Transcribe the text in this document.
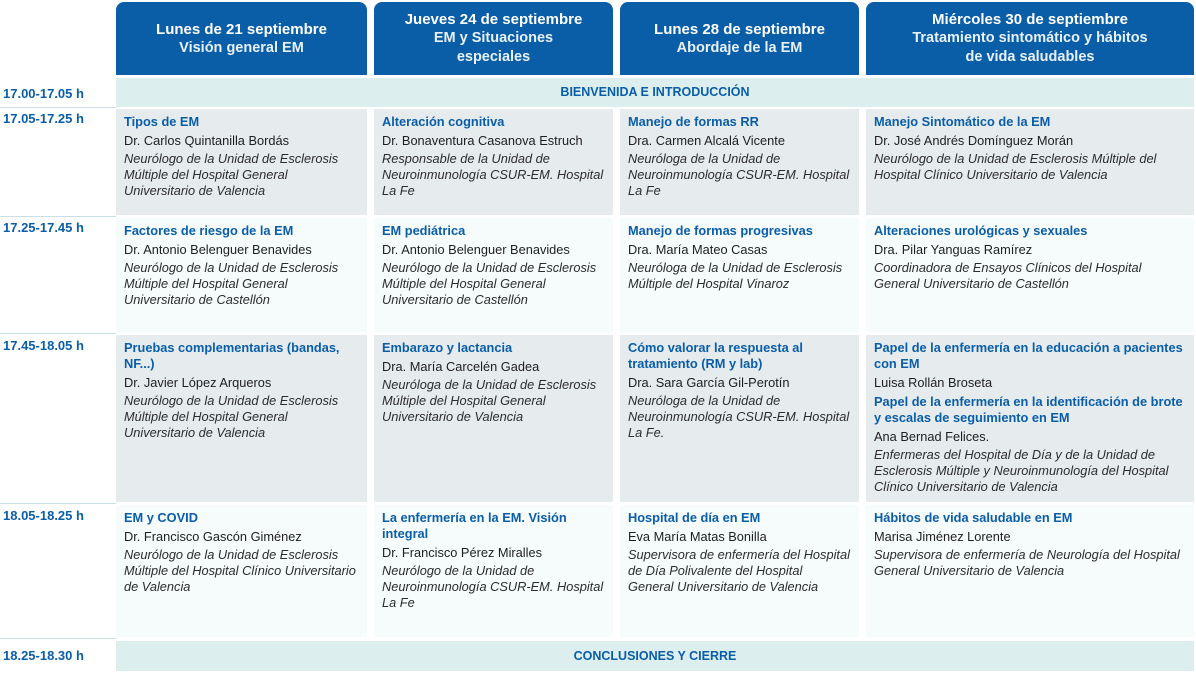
Lunes de 21 septiembre
Visión general EM
Jueves 24 de septiembre
EM y Situaciones especiales
Lunes 28 de septiembre
Abordaje de la EM
Miércoles 30 de septiembre
Tratamiento sintomático y hábitos de vida saludables
17.00-17.05 h
17.05-17.25 h
17.25-17.45 h
17.45-18.05 h
18.05-18.25 h
18.25-18.30 h
BIENVENIDA E INTRODUCCIÓN
Tipos de EM
Dr. Carlos Quintanilla Bordás
Neurólogo de la Unidad de Esclerosis Múltiple del Hospital General Universitario de Valencia
Alteración cognitiva
Dr. Bonaventura Casanova Estruch
Responsable de la Unidad de Neuroinmunología CSUR-EM. Hospital La Fe
Manejo de formas RR
Dra. Carmen Alcalá Vicente
Neuróloga de la Unidad de Neuroinmunología CSUR-EM. Hospital La Fe
Manejo Sintomático de la EM
Dr. José Andrés Domínguez Morán
Neurólogo de la Unidad de Esclerosis Múltiple del Hospital Clínico Universitario de Valencia
Factores de riesgo de la EM
Dr. Antonio Belenguer Benavides
Neurólogo de la Unidad de Esclerosis Múltiple del Hospital General Universitario de Castellón
EM pediátrica
Dr. Antonio Belenguer Benavides
Neurólogo de la Unidad de Esclerosis Múltiple del Hospital General Universitario de Castellón
Manejo de formas progresivas
Dra. María Mateo Casas
Neuróloga de la Unidad de Esclerosis Múltiple del Hospital Vinaroz
Alteraciones urológicas y sexuales
Dra. Pilar Yanguas Ramírez
Coordinadora de Ensayos Clínicos del Hospital General Universitario de Castellón
Pruebas complementarias (bandas, NF...)
Dr. Javier López Arqueros
Neurólogo de la Unidad de Esclerosis Múltiple del Hospital General Universitario de Valencia
Embarazo y lactancia
Dra. María Carcelén Gadea
Neuróloga de la Unidad de Esclerosis Múltiple del Hospital General Universitario de Valencia
Cómo valorar la respuesta al tratamiento (RM y lab)
Dra. Sara García Gil-Perotín
Neuróloga de la Unidad de Neuroinmunología CSUR-EM. Hospital La Fe.
Papel de la enfermería en la educación a pacientes con EM
Luisa Rollán Broseta
Papel de la enfermería en la identificación de brote y escalas de seguimiento en EM
Ana Bernad Felices.
Enfermeras del Hospital de Día y de la Unidad de Esclerosis Múltiple y Neuroinmunología del Hospital Clínico Universitario de Valencia
EM y COVID
Dr. Francisco Gascón Giménez
Neurólogo de la Unidad de Esclerosis Múltiple del Hospital Clínico Universitario de Valencia
La enfermería en la EM. Visión integral
Dr. Francisco Pérez Miralles
Neurólogo de la Unidad de Neuroinmunología CSUR-EM. Hospital La Fe
Hospital de día en EM
Eva María Matas Bonilla
Supervisora de enfermería del Hospital de Día Polivalente del Hospital General Universitario de Valencia
Hábitos de vida saludable en EM
Marisa Jiménez Lorente
Supervisora de enfermería de Neurología del Hospital General Universitario de Valencia
CONCLUSIONES Y CIERRE
